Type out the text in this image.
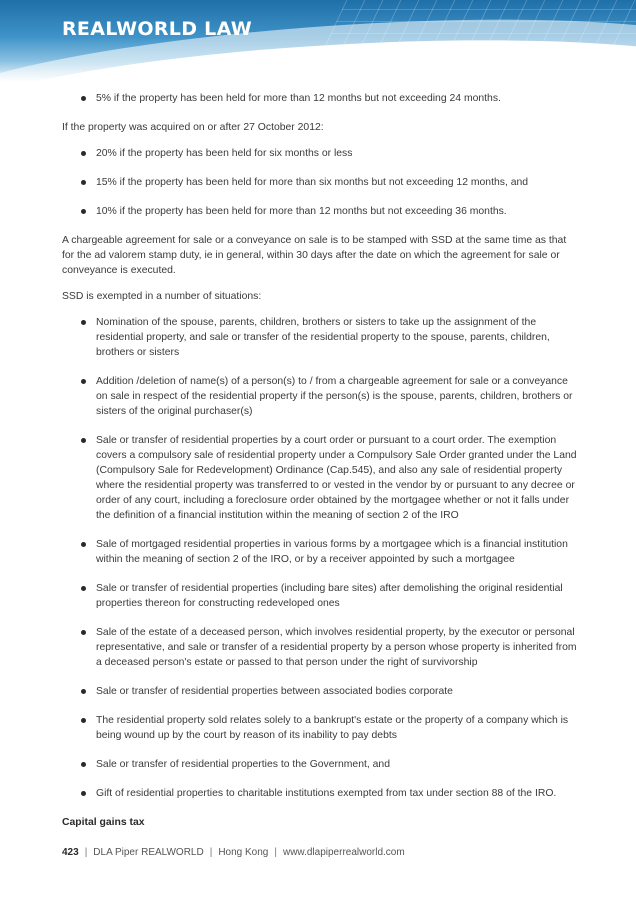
REALWORLD LAW
5% if the property has been held for more than 12 months but not exceeding 24 months.

If the property was acquired on or after 27 October 2012:

20% if the property has been held for six months or less
15% if the property has been held for more than six months but not exceeding 12 months, and
10% if the property has been held for more than 12 months but not exceeding 36 months.

A chargeable agreement for sale or a conveyance on sale is to be stamped with SSD at the same time as that for the ad valorem stamp duty, ie in general, within 30 days after the date on which the agreement for sale or conveyance is executed.

SSD is exempted in a number of situations:

Nomination of the spouse, parents, children, brothers or sisters to take up the assignment of the residential property, and sale or transfer of the residential property to the spouse, parents, children, brothers or sisters
Addition /deletion of name(s) of a person(s) to / from a chargeable agreement for sale or a conveyance on sale in respect of the residential property if the person(s) is the spouse, parents, children, brothers or sisters of the original purchaser(s)
Sale or transfer of residential properties by a court order or pursuant to a court order. The exemption covers a compulsory sale of residential property under a Compulsory Sale Order granted under the Land (Compulsory Sale for Redevelopment) Ordinance (Cap.545), and also any sale of residential property where the residential property was transferred to or vested in the vendor by or pursuant to any decree or order of any court, including a foreclosure order obtained by the mortgagee whether or not it falls under the definition of a financial institution within the meaning of section 2 of the IRO
Sale of mortgaged residential properties in various forms by a mortgagee which is a financial institution within the meaning of section 2 of the IRO, or by a receiver appointed by such a mortgagee
Sale or transfer of residential properties (including bare sites) after demolishing the original residential properties thereon for constructing redeveloped ones
Sale of the estate of a deceased person, which involves residential property, by the executor or personal representative, and sale or transfer of a residential property by a person whose property is inherited from a deceased person's estate or passed to that person under the right of survivorship
Sale or transfer of residential properties between associated bodies corporate
The residential property sold relates solely to a bankrupt's estate or the property of a company which is being wound up by the court by reason of its inability to pay debts
Sale or transfer of residential properties to the Government, and
Gift of residential properties to charitable institutions exempted from tax under section 88 of the IRO.
Capital gains tax
423 | DLA Piper REALWORLD | Hong Kong | www.dlapiperrealworld.com
